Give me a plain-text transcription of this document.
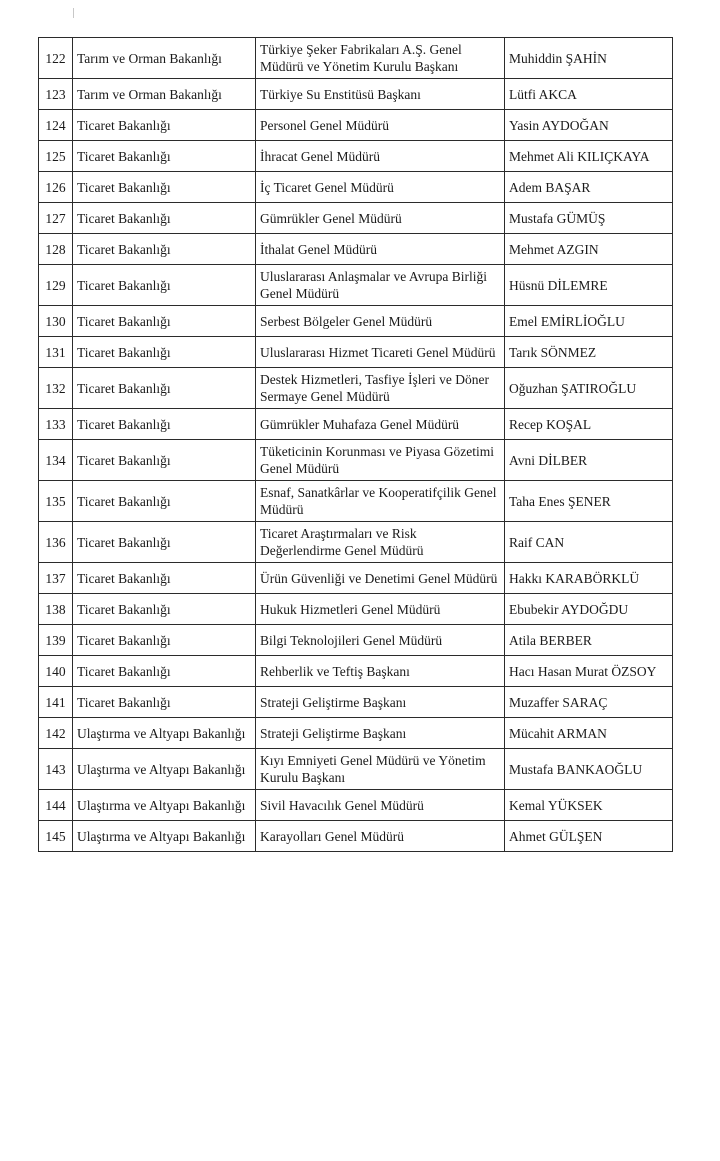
122	Tarım ve Orman Bakanlığı	Türkiye Şeker Fabrikaları A.Ş. Genel Müdürü ve Yönetim Kurulu Başkanı	Muhiddin ŞAHİN
123	Tarım ve Orman Bakanlığı	Türkiye Su Enstitüsü Başkanı	Lütfi AKCA
124	Ticaret Bakanlığı	Personel Genel Müdürü	Yasin AYDOĞAN
125	Ticaret Bakanlığı	İhracat Genel Müdürü	Mehmet Ali KILIÇKAYA
126	Ticaret Bakanlığı	İç Ticaret Genel Müdürü	Adem BAŞAR
127	Ticaret Bakanlığı	Gümrükler Genel Müdürü	Mustafa GÜMÜŞ
128	Ticaret Bakanlığı	İthalat Genel Müdürü	Mehmet AZGIN
129	Ticaret Bakanlığı	Uluslararası Anlaşmalar ve Avrupa Birliği Genel Müdürü	Hüsnü DİLEMRE
130	Ticaret Bakanlığı	Serbest Bölgeler Genel Müdürü	Emel EMİRLİOĞLU
131	Ticaret Bakanlığı	Uluslararası Hizmet Ticareti Genel Müdürü	Tarık SÖNMEZ
132	Ticaret Bakanlığı	Destek Hizmetleri, Tasfiye İşleri ve Döner Sermaye Genel Müdürü	Oğuzhan ŞATIROĞLU
133	Ticaret Bakanlığı	Gümrükler Muhafaza Genel Müdürü	Recep KOŞAL
134	Ticaret Bakanlığı	Tüketicinin Korunması ve Piyasa Gözetimi Genel Müdürü	Avni DİLBER
135	Ticaret Bakanlığı	Esnaf, Sanatkârlar ve Kooperatifçilik Genel Müdürü	Taha Enes ŞENER
136	Ticaret Bakanlığı	Ticaret Araştırmaları ve Risk Değerlendirme Genel Müdürü	Raif CAN
137	Ticaret Bakanlığı	Ürün Güvenliği ve Denetimi Genel Müdürü	Hakkı KARABÖRKLÜ
138	Ticaret Bakanlığı	Hukuk Hizmetleri Genel Müdürü	Ebubekir AYDOĞDU
139	Ticaret Bakanlığı	Bilgi Teknolojileri Genel Müdürü	Atila BERBER
140	Ticaret Bakanlığı	Rehberlik ve Teftiş Başkanı	Hacı Hasan Murat ÖZSOY
141	Ticaret Bakanlığı	Strateji Geliştirme Başkanı	Muzaffer SARAÇ
142	Ulaştırma ve Altyapı Bakanlığı	Strateji Geliştirme Başkanı	Mücahit ARMAN
143	Ulaştırma ve Altyapı Bakanlığı	Kıyı Emniyeti Genel Müdürü ve Yönetim Kurulu Başkanı	Mustafa BANKAOĞLU
144	Ulaştırma ve Altyapı Bakanlığı	Sivil Havacılık Genel Müdürü	Kemal YÜKSEK
145	Ulaştırma ve Altyapı Bakanlığı	Karayolları Genel Müdürü	Ahmet GÜLŞEN
